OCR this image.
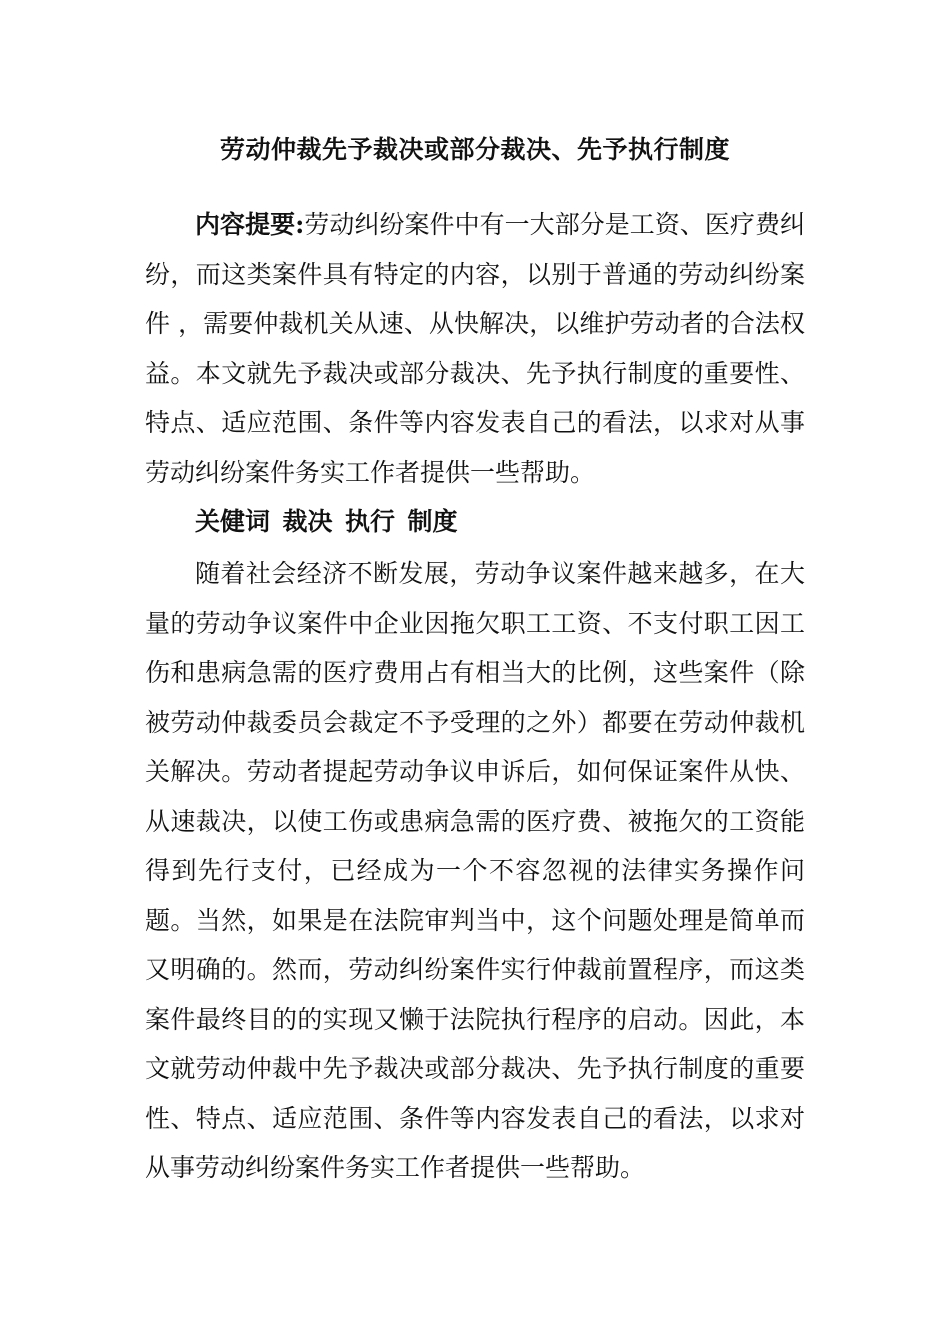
劳动仲裁先予裁决或部分裁决、先予执行制度

内容提要:劳动纠纷案件中有一大部分是工资、医疗费纠纷，而这类案件具有特定的内容，以别于普通的劳动纠纷案件 ，需要仲裁机关从速、从快解决，以维护劳动者的合法权益。本文就先予裁决或部分裁决、先予执行制度的重要性、特点、适应范围、条件等内容发表自己的看法，以求对从事劳动纠纷案件务实工作者提供一些帮助。

关健词  裁决  执行  制度

随着社会经济不断发展，劳动争议案件越来越多，在大量的劳动争议案件中企业因拖欠职工工资、不支付职工因工伤和患病急需的医疗费用占有相当大的比例，这些案件（除被劳动仲裁委员会裁定不予受理的之外）都要在劳动仲裁机关解决。劳动者提起劳动争议申诉后，如何保证案件从快、从速裁决，以使工伤或患病急需的医疗费、被拖欠的工资能得到先行支付，已经成为一个不容忽视的法律实务操作问题。当然，如果是在法院审判当中，这个问题处理是简单而又明确的。然而，劳动纠纷案件实行仲裁前置程序，而这类案件最终目的的实现又懒于法院执行程序的启动。因此，本文就劳动仲裁中先予裁决或部分裁决、先予执行制度的重要性、特点、适应范围、条件等内容发表自己的看法，以求对从事劳动纠纷案件务实工作者提供一些帮助。
